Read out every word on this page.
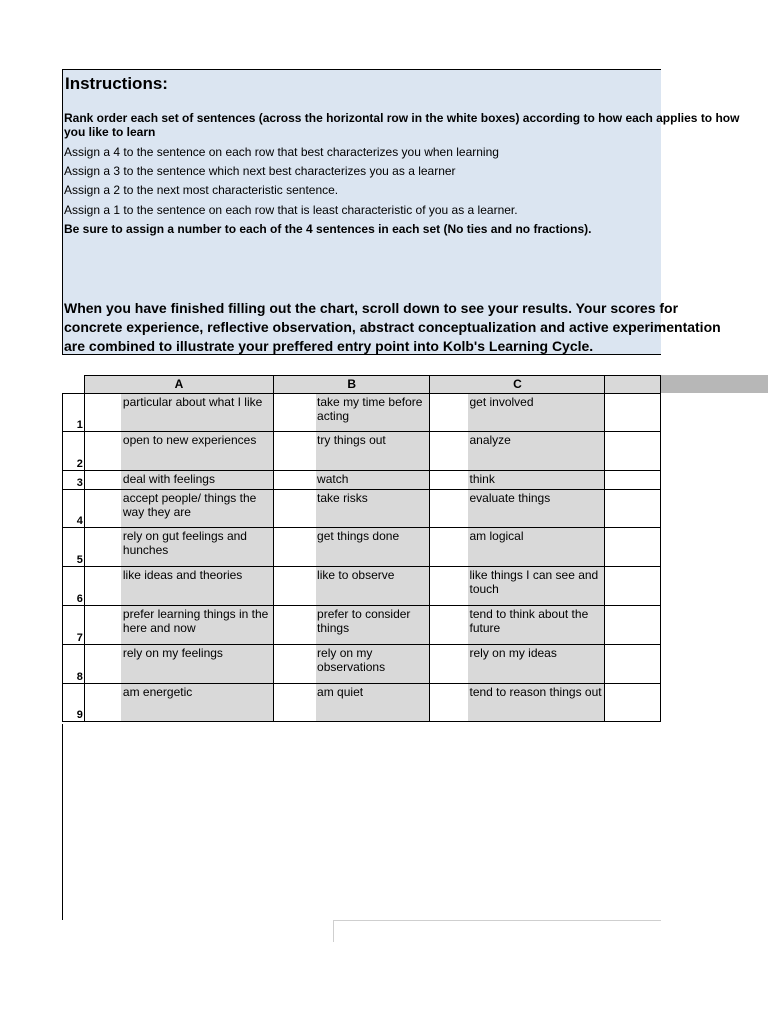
Instructions:
Rank order each set of sentences (across the horizontal row in the white boxes) according to how each applies to how
you like to learn
Assign a 4 to the sentence on each row that best characterizes you when learning
Assign a 3 to the sentence which next best characterizes you as a learner
Assign a 2 to the next most characteristic sentence.
Assign a 1 to the sentence on each row that is least characteristic of you as a learner.
Be sure to assign a number to each of the 4 sentences in each set (No ties and no fractions).
When you have finished filling out the chart, scroll down to see your results. Your scores for
concrete experience, reflective observation, abstract conceptualization and active experimentation
are combined to illustrate your preffered entry point into Kolb's Learning Cycle.
	A	B	C	
1	particular about what I like	take my time before acting	get involved	

2	open to new experiences	try things out	analyze	

3	deal with feelings	watch	think	

4	accept people/ things the way they are	take risks	evaluate things	

5	rely on gut feelings and hunches	get things done	am logical	

6	like ideas and theories	like to observe	like things I can see and touch	

7	prefer learning things in the here and now	prefer to consider things	tend to think about the future	

8	rely on my feelings	rely on my observations	rely on my ideas	

9	am energetic	am quiet	tend to reason things out	
